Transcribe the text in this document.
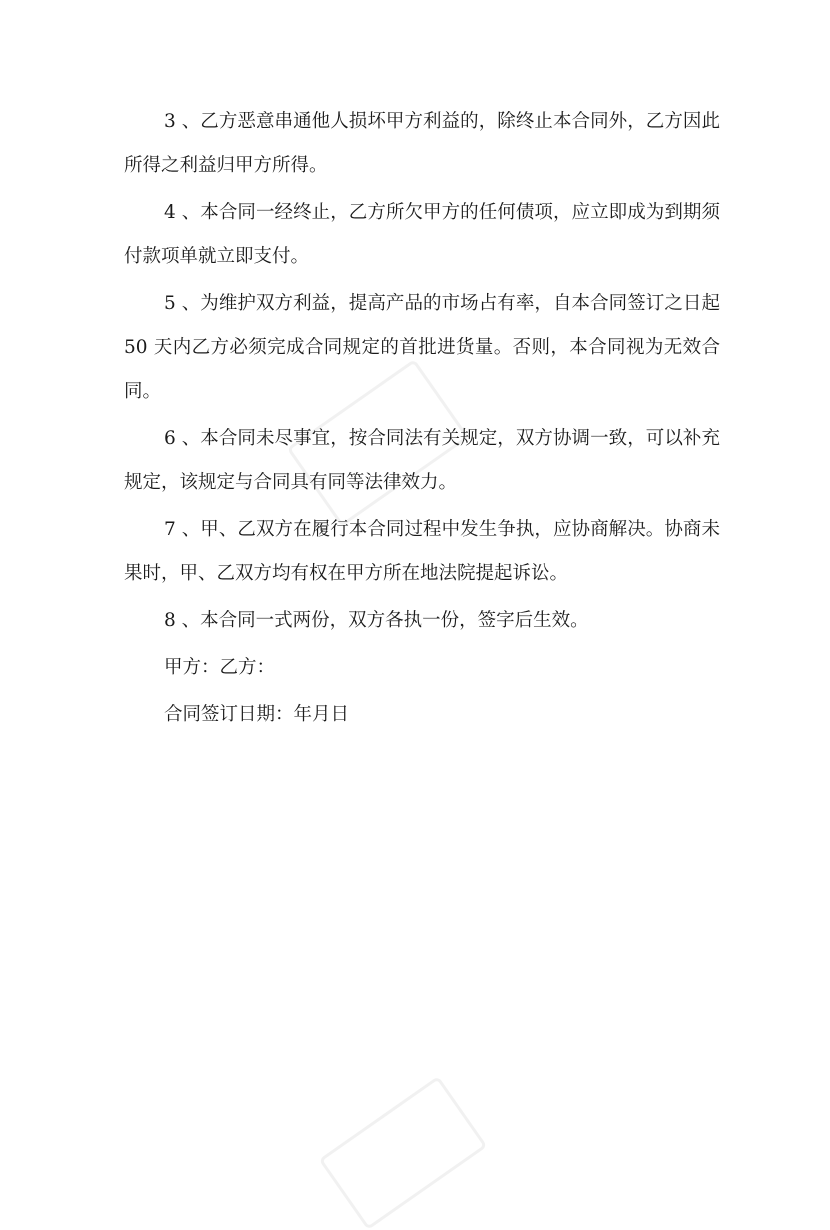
3 、乙方恶意串通他人损坏甲方利益的，除终止本合同外，乙方因此所得之利益归甲方所得。

4 、本合同一经终止，乙方所欠甲方的任何债项，应立即成为到期须付款项单就立即支付。

5 、为维护双方利益，提高产品的市场占有率，自本合同签订之日起 50 天内乙方必须完成合同规定的首批进货量。否则，本合同视为无效合同。

6 、本合同未尽事宜，按合同法有关规定，双方协调一致，可以补充规定，该规定与合同具有同等法律效力。

7 、甲、乙双方在履行本合同过程中发生争执，应协商解决。协商未果时，甲、乙双方均有权在甲方所在地法院提起诉讼。

8 、本合同一式两份，双方各执一份，签字后生效。

甲方：乙方：

合同签订日期：年月日
